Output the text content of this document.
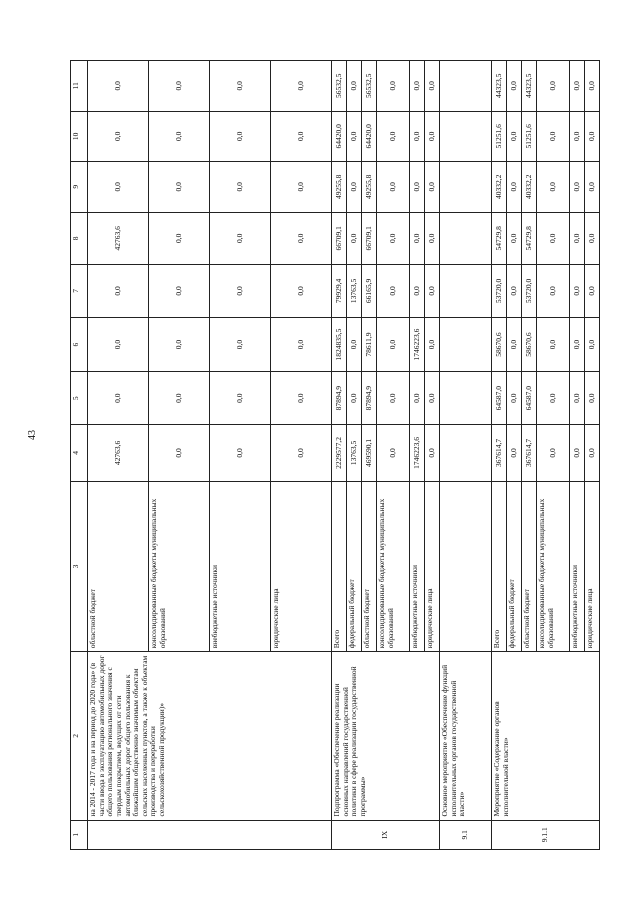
43
1	2	3	4	5	6	7	8	9	10	11
	на 2014 - 2017 года и на период до 2020 года» (в части ввода в эксплуатацию автомобильных дорог общего пользования регионального значения с твердым покрытием, ведущих от сети автомобильных дорог общего пользования к ближайшим общественно значимым объектам сельских населенных пунктов, а также к объектам производства и переработки сельскохозяйственной продукции)»	областной бюджет	42763,6	0,0	0,0	0,0	42763,6	0,0	0,0	0,0
		консолидированные бюджеты муниципальных образований	0,0	0,0	0,0	0,0	0,0	0,0	0,0	0,0
		внебюджетные источники	0,0	0,0	0,0	0,0	0,0	0,0	0,0	0,0
		юридические лица	0,0	0,0	0,0	0,0	0,0	0,0	0,0	0,0
IX	Подпрограмма «Обеспечение реализации основных направлений государственной политики в сфере реализации государственной программы»	Всего	2229577,2	87894,9	1824835,5	79929,4	66709,1	49255,8	64420,0	56532,5
		федеральный бюджет	13763,5	0,0	0,0	13763,5	0,0	0,0	0,0	0,0
		областной бюджет	469590,1	87894,9	78611,9	66165,9	66709,1	49255,8	64420,0	56532,5
		консолидированные бюджеты муниципальных образований	0,0	0,0	0,0	0,0	0,0	0,0	0,0	0,0
		внебюджетные источники	1746223,6	0,0	1746223,6	0,0	0,0	0,0	0,0	0,0
		юридические лица	0,0	0,0	0,0	0,0	0,0	0,0	0,0	0,0
9.1	Основное мероприятие «Обеспечение функций исполнительных органов государственной власти»									
9.1.1	Мероприятие «Содержание органов исполнительной власти»	Всего	367614,7	64587,0	58670,6	53720,0	54729,8	40332,2	51251,6	44323,5
		федеральный бюджет	0,0	0,0	0,0	0,0	0,0	0,0	0,0	0,0
		областной бюджет	367614,7	64587,0	58670,6	53720,0	54729,8	40332,2	51251,6	44323,5
		консолидированные бюджеты муниципальных образований	0,0	0,0	0,0	0,0	0,0	0,0	0,0	0,0
		внебюджетные источники	0,0	0,0	0,0	0,0	0,0	0,0	0,0	0,0
		юридические лица	0,0	0,0	0,0	0,0	0,0	0,0	0,0	0,0
